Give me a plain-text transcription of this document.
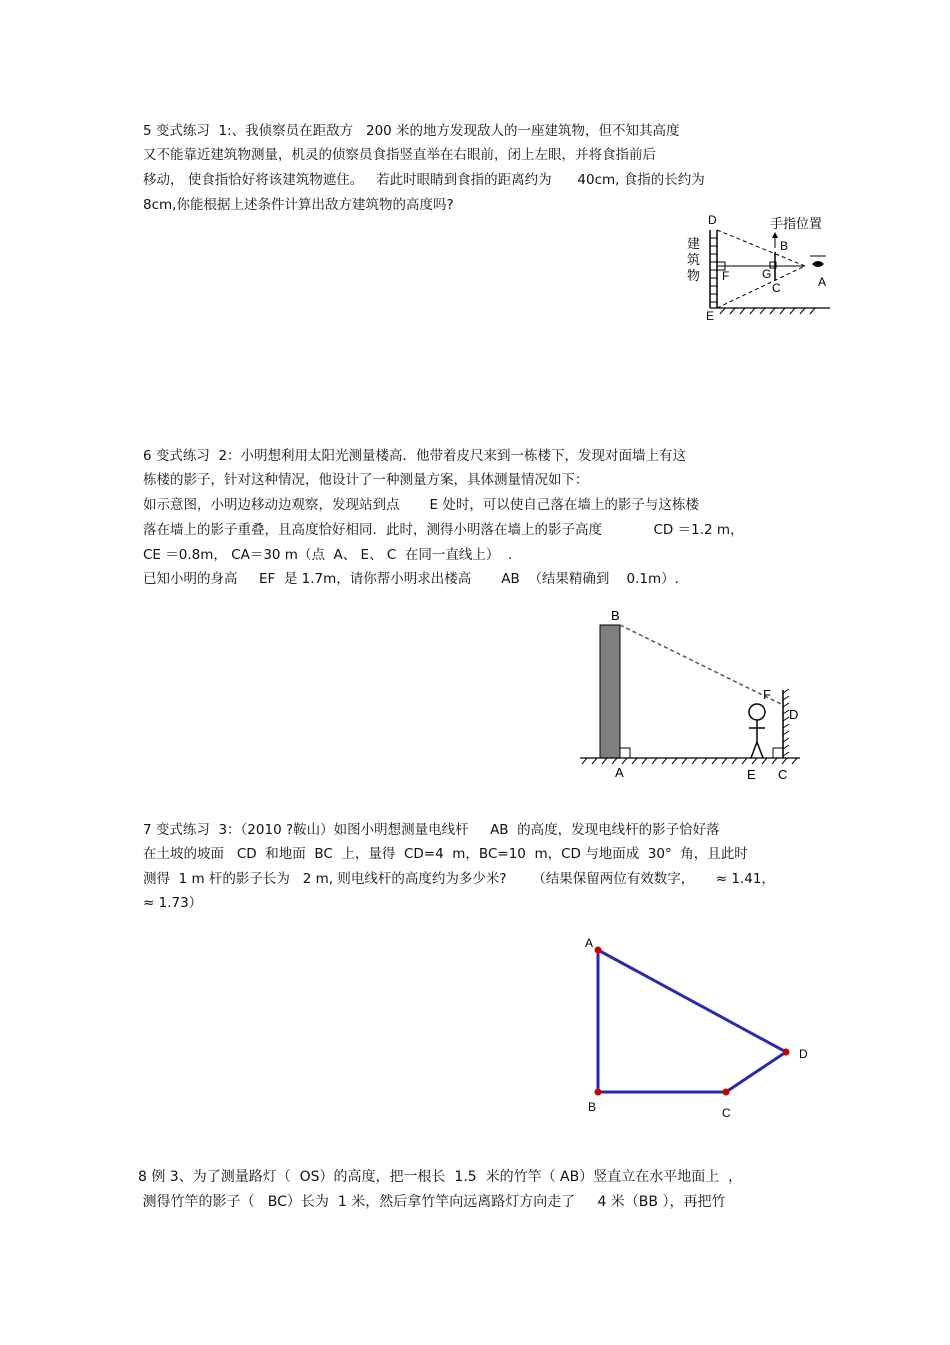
5 变式练习  1:、我侦察员在距敌方   200 米的地方发现敌人的一座建筑物，但不知其高度
又不能靠近建筑物测量，机灵的侦察员食指竖直举在右眼前，闭上左眼，并将食指前后
移动， 使食指恰好将该建筑物遮住。   若此时眼睛到食指的距离约为      40cm, 食指的长约为
8cm,你能根据上述条件计算出敌方建筑物的高度吗?
建
筑
物
D
E
F	G
B
C	A
手指位置
6 变式练习  2：小明想利用太阳光测量楼高．他带着皮尺来到一栋楼下，发现对面墙上有这
栋楼的影子，针对这种情况，他设计了一种测量方案，具体测量情况如下：
如示意图，小明边移动边观察，发现站到点       E 处时，可以使自己落在墙上的影子与这栋楼
落在墙上的影子重叠，且高度恰好相同．此时，测得小明落在墙上的影子高度            CD ＝1.2 m，
CE ＝0.8m， CA＝30 m（点  A、 E、 C  在同一直线上）  .
已知小明的身高     EF  是 1.7m，请你帮小明求出楼高       AB  （结果精确到    0.1m）.
B
A
F
D
E C
7 变式练习  3：（2010 ?鞍山）如图小明想测量电线杆     AB  的高度，发现电线杆的影子恰好落
在土坡的坡面   CD  和地面  BC  上，量得  CD=4  m，BC=10  m，CD 与地面成  30°  角，且此时
测得  1 m 杆的影子长为   2 m, 则电线杆的高度约为多少米?      （结果保留两位有效数字，     ≈ 1.41，
≈ 1.73）
A
B	C
D
8 例 3、为了测量路灯（  OS）的高度，把一根长  1.5  米的竹竿（ AB）竖直立在水平地面上  ，
测得竹竿的影子（   BC）长为  1 米，然后拿竹竿向远离路灯方向走了     4 米（BB ），再把竹
